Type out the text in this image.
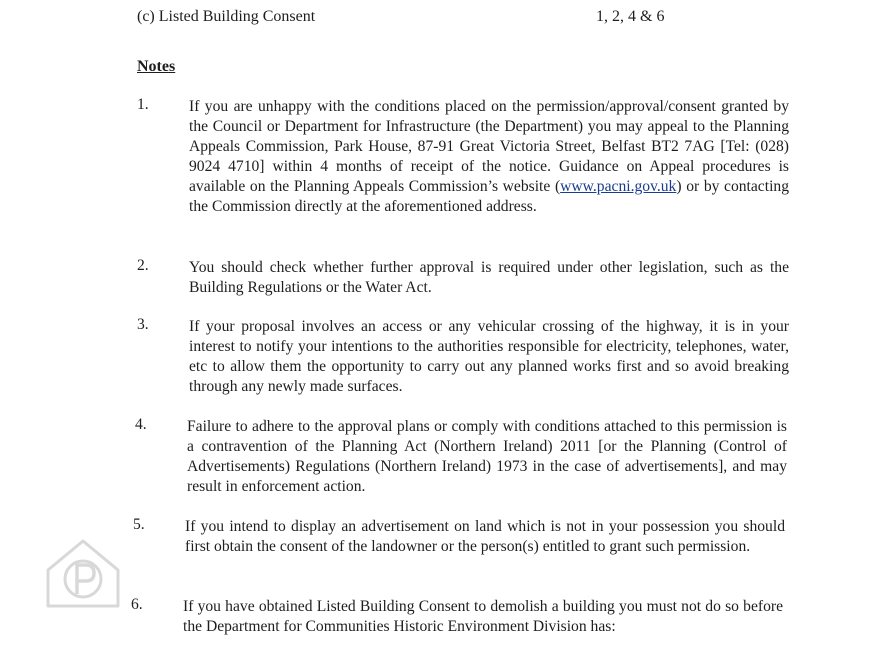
(c) Listed Building Consent	1, 2, 4 & 6
Notes
1.	If you are unhappy with the conditions placed on the permission/approval/consent granted by the Council or Department for Infrastructure (the Department) you may appeal to the Planning Appeals Commission, Park House, 87-91 Great Victoria Street, Belfast BT2 7AG [Tel: (028) 9024 4710] within 4 months of receipt of the notice. Guidance on Appeal procedures is available on the Planning Appeals Commission’s website (www.pacni.gov.uk) or by contacting the Commission directly at the aforementioned address.
2.	You should check whether further approval is required under other legislation, such as the Building Regulations or the Water Act.
3.	If your proposal involves an access or any vehicular crossing of the highway, it is in your interest to notify your intentions to the authorities responsible for electricity, telephones, water, etc to allow them the opportunity to carry out any planned works first and so avoid breaking through any newly made surfaces.
4.	Failure to adhere to the approval plans or comply with conditions attached to this permission is a contravention of the Planning Act (Northern Ireland) 2011 [or the Planning (Control of Advertisements) Regulations (Northern Ireland) 1973 in the case of advertisements], and may result in enforcement action.
5.	If you intend to display an advertisement on land which is not in your possession you should first obtain the consent of the landowner or the person(s) entitled to grant such permission.
6.	If you have obtained Listed Building Consent to demolish a building you must not do so before the Department for Communities Historic Environment Division has:
